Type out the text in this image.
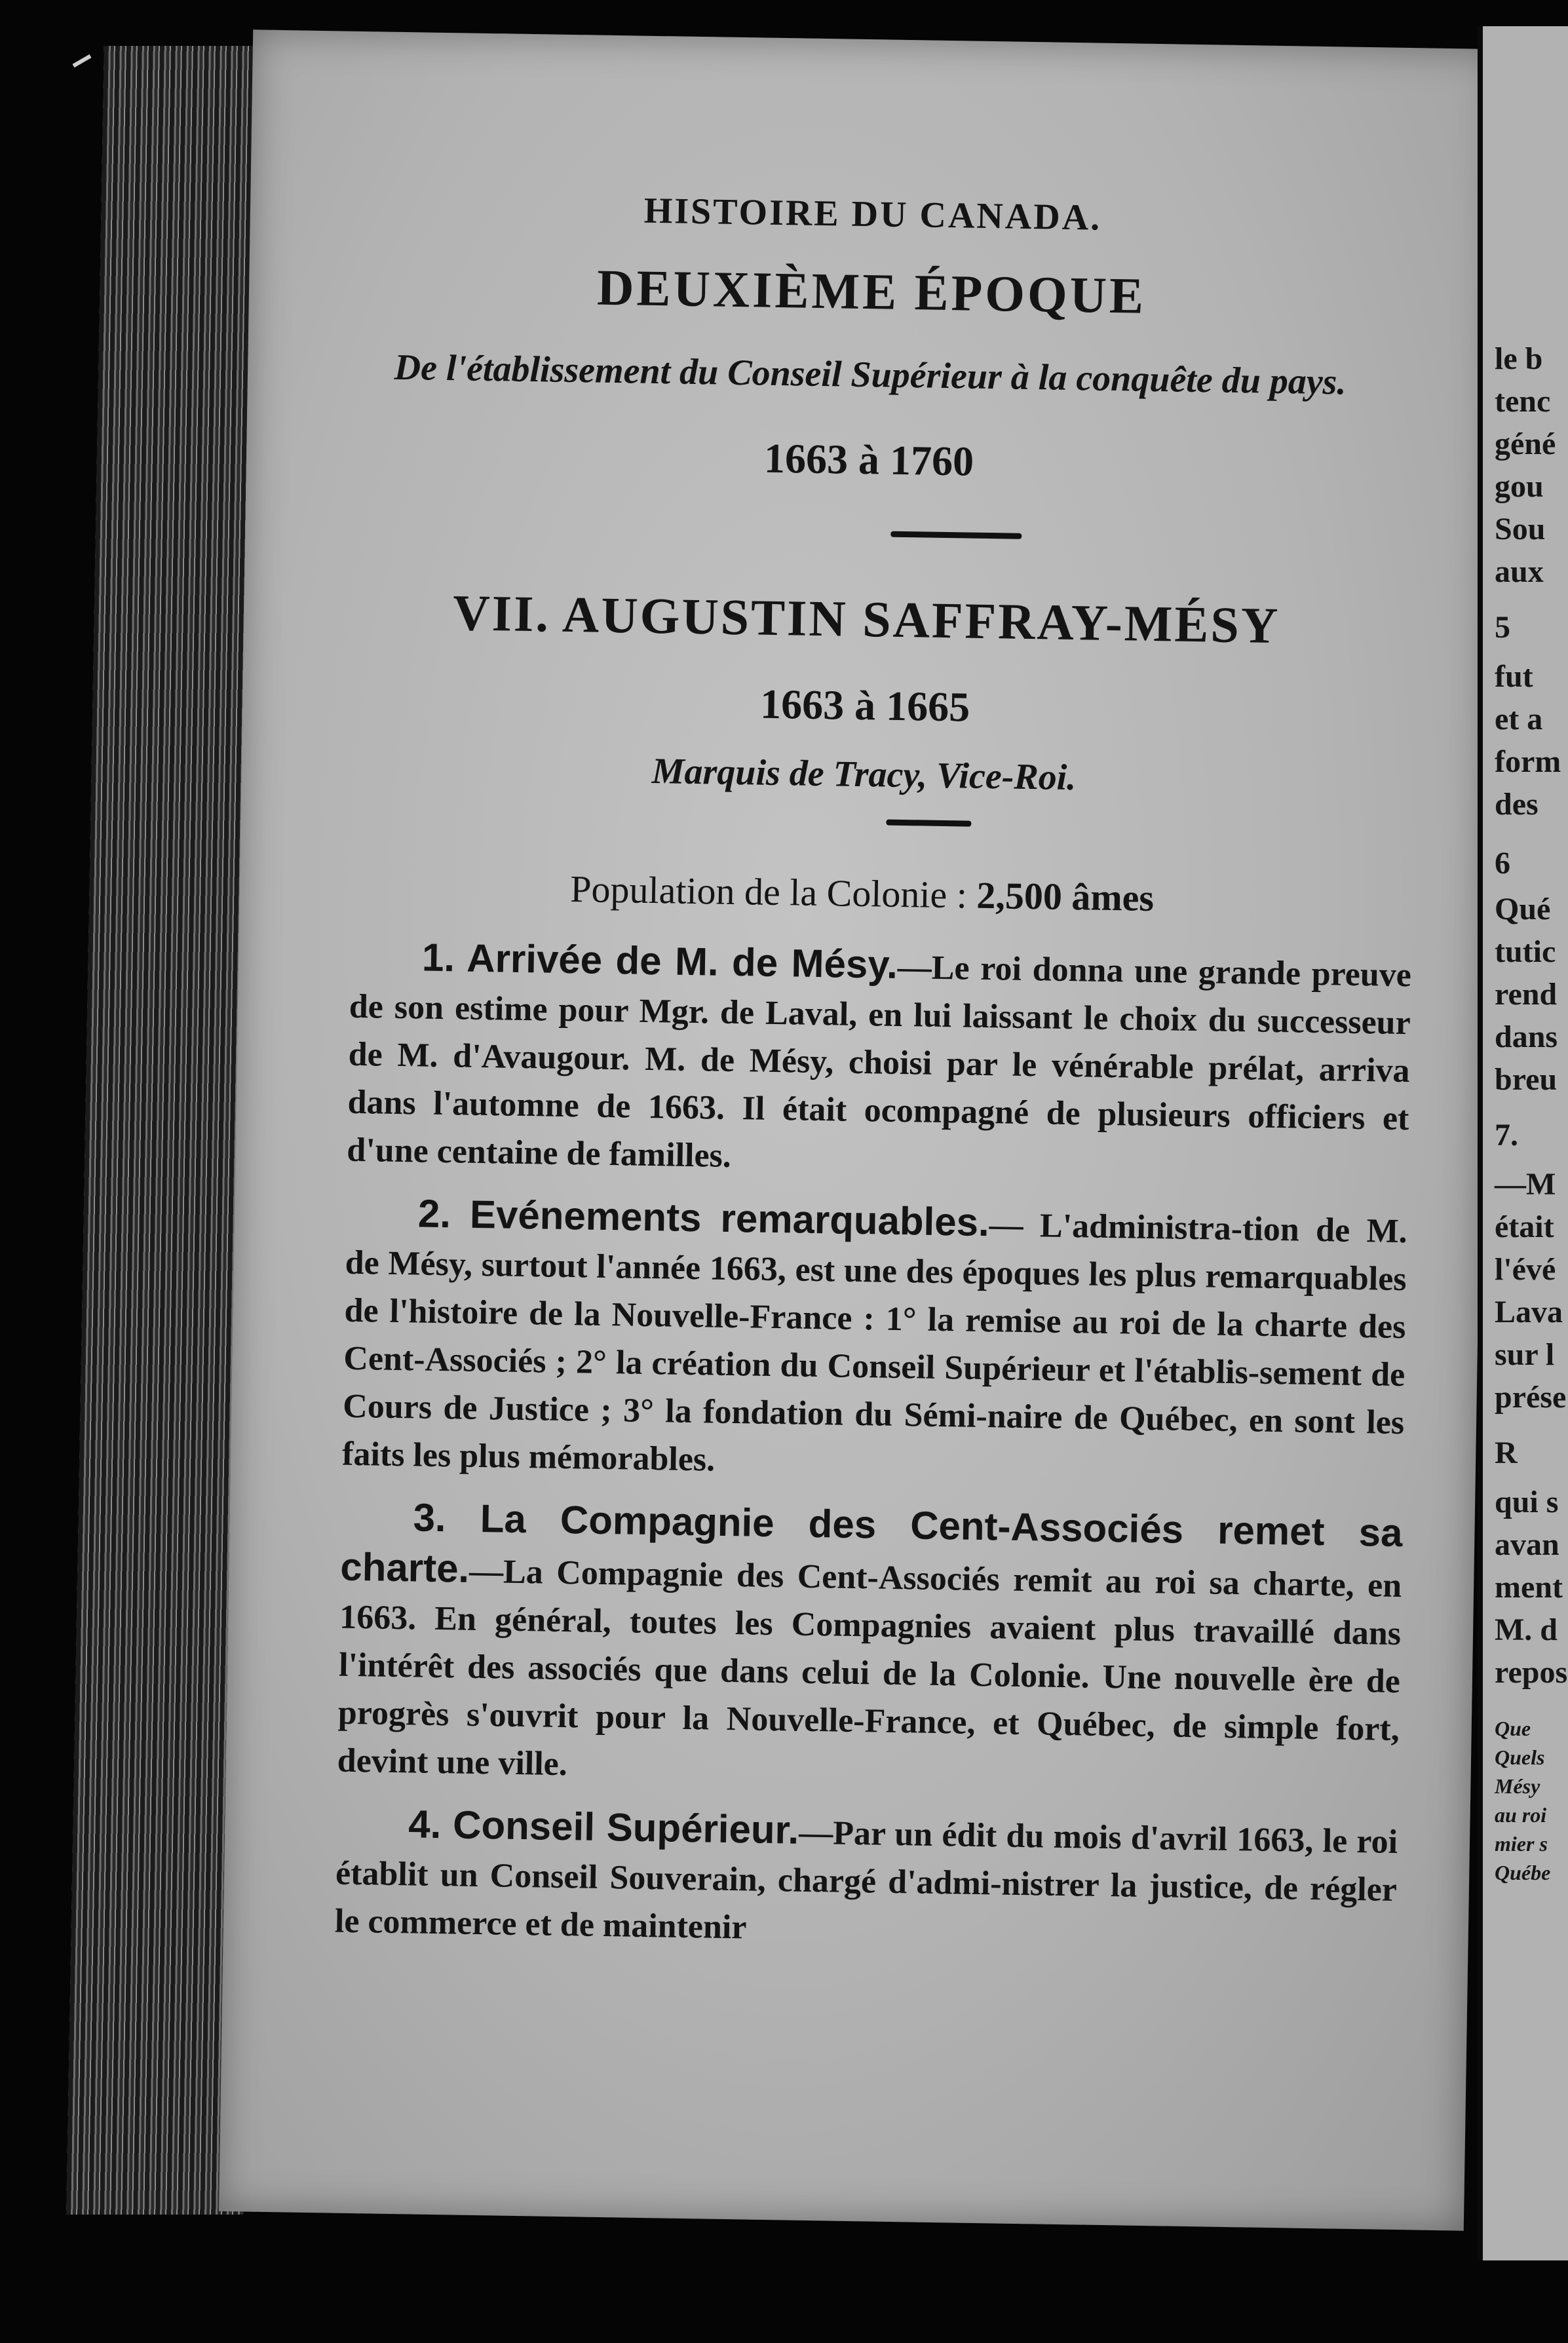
HISTOIRE DU CANADA.
DEUXIÈME ÉPOQUE
De l'établissement du Conseil Supérieur à la conquête du pays.
1663 à 1760
VII. AUGUSTIN SAFFRAY-MÉSY
1663 à 1665
Marquis de Tracy, Vice-Roi.
Population de la Colonie : 2,500 âmes

1. Arrivée de M. de Mésy.—Le roi donna une grande preuve de son estime pour Mgr. de Laval, en lui laissant le choix du successeur de M. d'Avaugour. M. de Mésy, choisi par le vénérable prélat, arriva dans l'automne de 1663. Il était ocompagné de plusieurs officiers et d'une centaine de familles.

2. Evénements remarquables.— L'administra-tion de M. de Mésy, surtout l'année 1663, est une des époques les plus remarquables de l'histoire de la Nouvelle-France : 1° la remise au roi de la charte des Cent-Associés ; 2° la création du Conseil Supérieur et l'établis-sement de Cours de Justice ; 3° la fondation du Sémi-naire de Québec, en sont les faits les plus mémorables.

3. La Compagnie des Cent-Associés remet sa charte.—La Compagnie des Cent-Associés remit au roi sa charte, en 1663. En général, toutes les Compagnies avaient plus travaillé dans l'intérêt des associés que dans celui de la Colonie. Une nouvelle ère de progrès s'ouvrit pour la Nouvelle-France, et Québec, de simple fort, devint une ville.

4. Conseil Supérieur.—Par un édit du mois d'avril 1663, le roi établit un Conseil Souverain, chargé d'admi-nistrer la justice, de régler le commerce et de maintenir

le b
tenc
géné
gou
Sou
aux
5
fut
et a
form
des
6
Qué
tutic
rend
dans
breu
7.
—M
était
l'évé
Lava
sur l
prése
R
qui s
avan
ment
M. d
repos
Que
Quels
Mésy
au roi
mier s
Québe
